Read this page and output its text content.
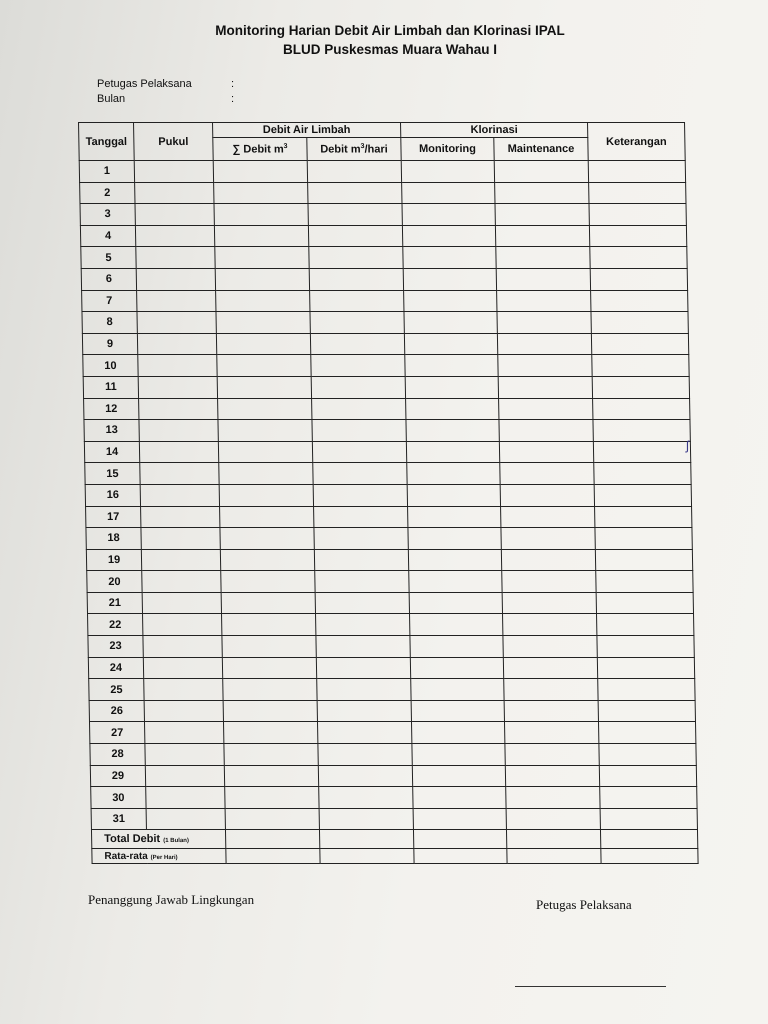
Monitoring Harian Debit Air Limbah dan Klorinasi IPAL
BLUD Puskesmas Muara Wahau I
Petugas Pelaksana	:
Bulan	:
Tanggal	Pukul	Debit Air Limbah		Klorinasi		Keterangan
		∑ Debit $m^3$	Debit $m^3$/hari	Monitoring	Maintenance	
1						
2						
3						
4						
5						
6						
7						
8						
9						
10						
11						
12						
13						
14						
15						
16						
17						
18						
19						
20						
21						
22						
23						
24						
25						
26						
27						
28						
29						
30						
31						
Total Debit (1 Bulan)						
Rata-rata (Per Hari)						
ʃ
Penanggung Jawab Lingkungan	Petugas Pelaksana
